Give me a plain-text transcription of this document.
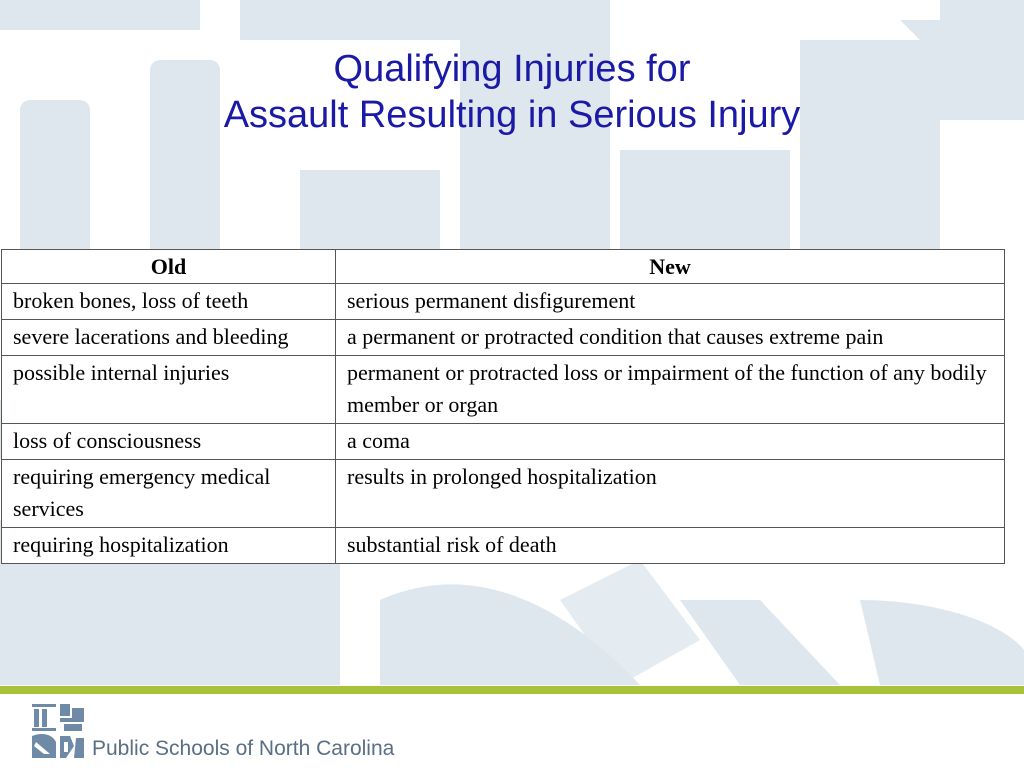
Qualifying Injuries for
Assault Resulting in Serious Injury
Old	New
broken bones, loss of teeth	serious permanent disfigurement
severe lacerations and bleeding	a permanent or protracted condition that causes extreme pain
possible internal injuries	permanent or protracted loss or impairment of the function of any bodily member or organ
loss of consciousness	a coma
requiring emergency medical services	results in prolonged hospitalization
requiring hospitalization	substantial risk of death
Public Schools of North Carolina
